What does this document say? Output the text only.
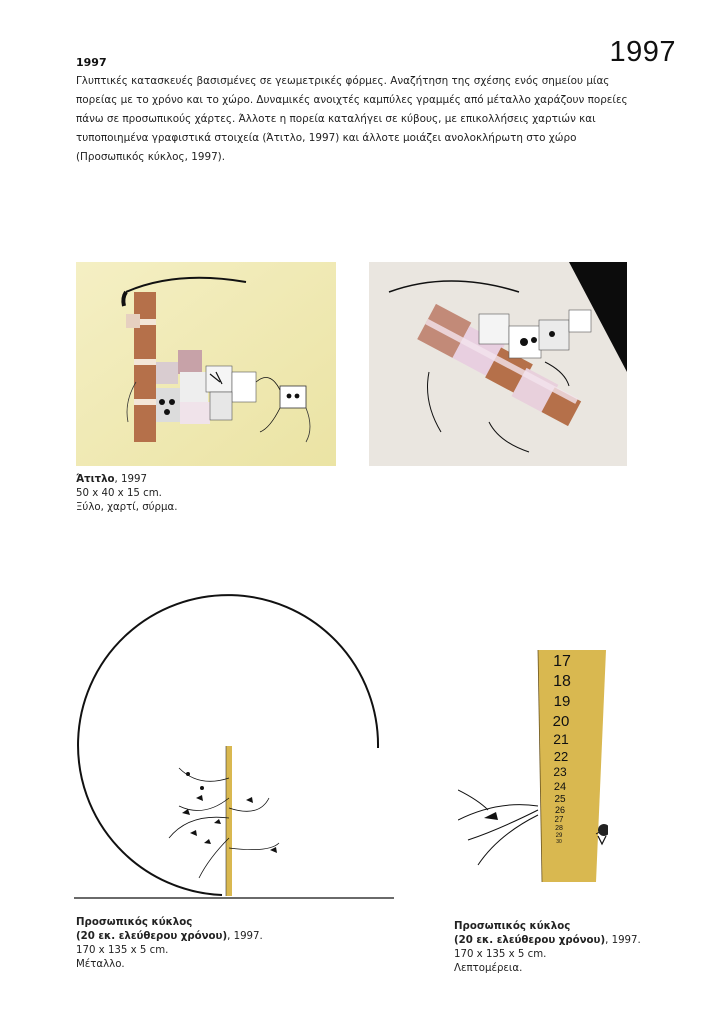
1997
1997
Γλυπτικές κατασκευές βασισμένες σε γεωμετρικές φόρμες. Αναζήτηση της σχέσης ενός σημείου μίας πορείας με το χρόνο και το χώρο. Δυναμικές ανοιχτές καμπύλες γραμμές από μέταλλο χαράζουν πορείες πάνω σε προσωπικούς χάρτες. Άλλοτε η πορεία καταλήγει σε κύβους, με επικολλήσεις χαρτιών και τυποποιημένα γραφιστικά στοιχεία (Άτιτλο, 1997) και άλλοτε μοιάζει ανολοκλήρωτη στο χώρο (Προσωπικός κύκλος, 1997).
Άτιτλο, 1997
50 x 40 x 15 cm.
Ξύλο, χαρτί, σύρμα.
17
18
19
20
21
22
23
24
25
26
27
28
29
30
Προσωπικός κύκλος
(20 εκ. ελεύθερου χρόνου), 1997.
170 x 135 x 5 cm.
Μέταλλο.
Προσωπικός κύκλος
(20 εκ. ελεύθερου χρόνου), 1997.
170 x 135 x 5 cm.
Λεπτομέρεια.
